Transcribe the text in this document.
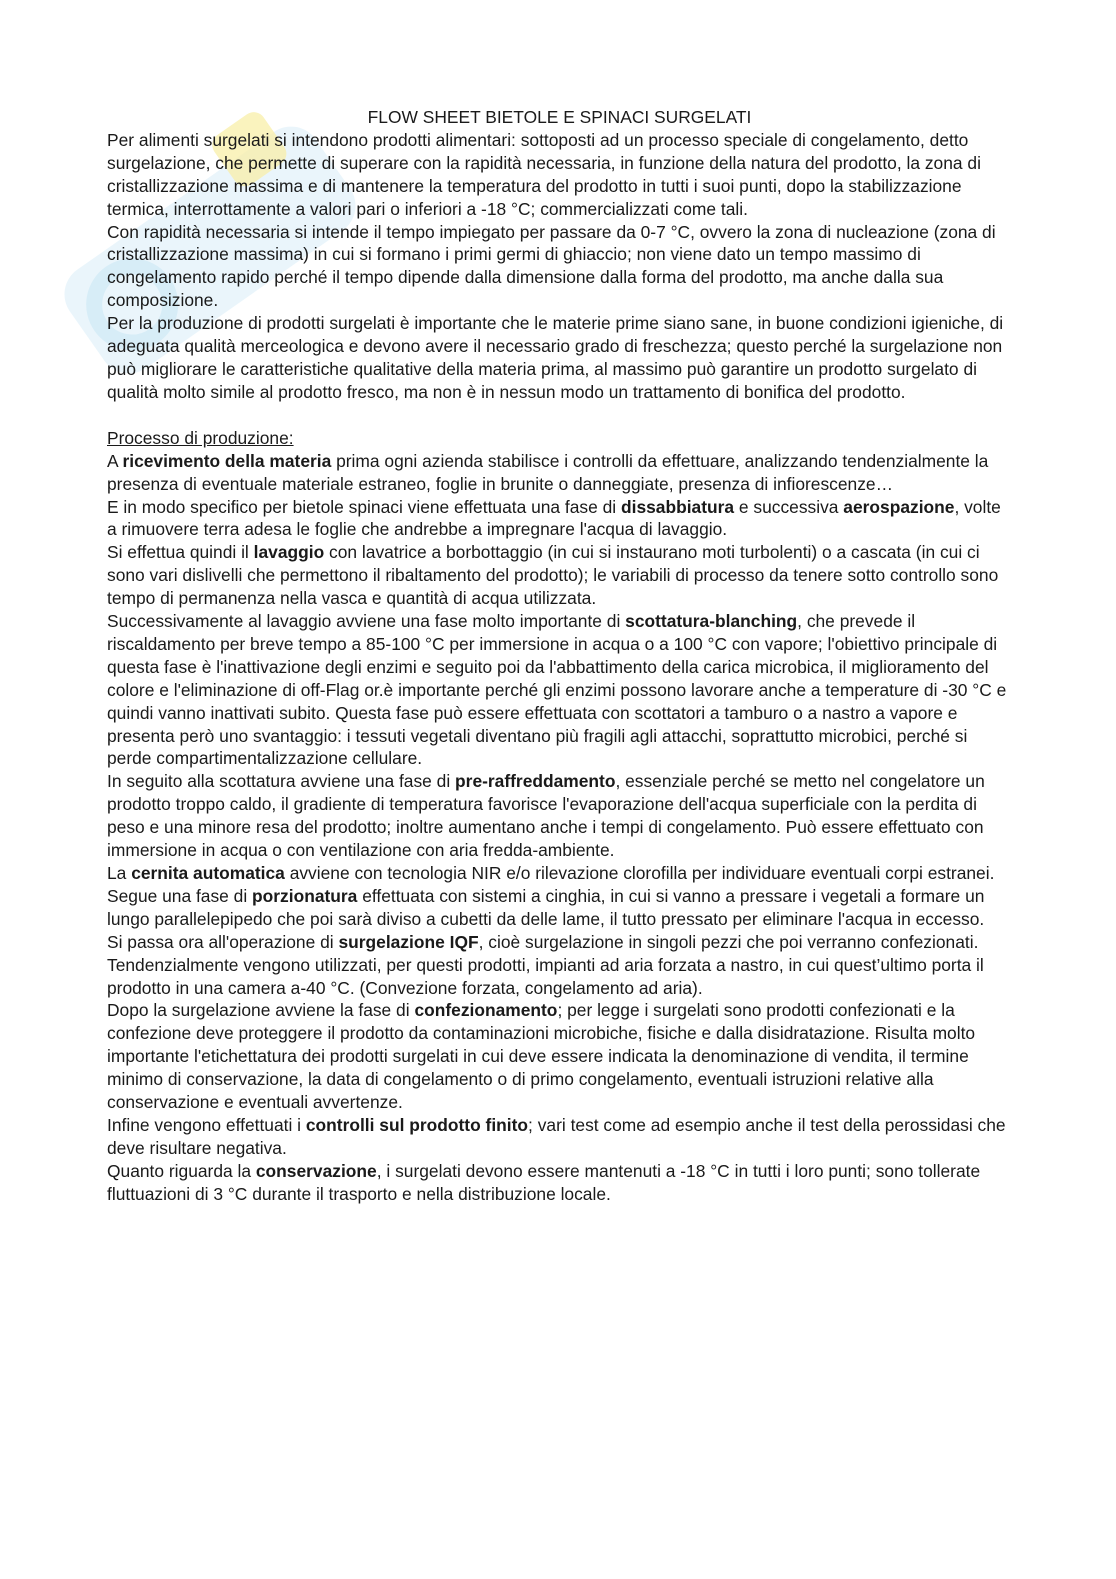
FLOW SHEET BIETOLE E SPINACI SURGELATI

Per alimenti surgelati si intendono prodotti alimentari: sottoposti ad un processo speciale di congelamento, detto surgelazione, che permette di superare con la rapidità necessaria, in funzione della natura del prodotto, la zona di cristallizzazione massima e di mantenere la temperatura del prodotto in tutti i suoi punti, dopo la stabilizzazione termica, interrottamente a valori pari o inferiori a -18 °C; commercializzati come tali.

Con rapidità necessaria si intende il tempo impiegato per passare da 0-7 °C, ovvero la zona di nucleazione (zona di cristallizzazione massima) in cui si formano i primi germi di ghiaccio; non viene dato un tempo massimo di congelamento rapido perché il tempo dipende dalla dimensione dalla forma del prodotto, ma anche dalla sua composizione.

Per la produzione di prodotti surgelati è importante che le materie prime siano sane, in buone condizioni igieniche, di adeguata qualità merceologica e devono avere il necessario grado di freschezza; questo perché la surgelazione non può migliorare le caratteristiche qualitative della materia prima, al massimo può garantire un prodotto surgelato di qualità molto simile al prodotto fresco, ma non è in nessun modo un trattamento di bonifica del prodotto.

Processo di produzione:

A ricevimento della materia prima ogni azienda stabilisce i controlli da effettuare, analizzando tendenzialmente la presenza di eventuale materiale estraneo, foglie in brunite o danneggiate, presenza di infiorescenze…

E in modo specifico per bietole spinaci viene effettuata una fase di dissabbiatura e successiva aerospazione, volte a rimuovere terra adesa le foglie che andrebbe a impregnare l'acqua di lavaggio.

Si effettua quindi il lavaggio con lavatrice a borbottaggio (in cui si instaurano moti turbolenti) o a cascata (in cui ci sono vari dislivelli che permettono il ribaltamento del prodotto); le variabili di processo da tenere sotto controllo sono tempo di permanenza nella vasca e quantità di acqua utilizzata.

Successivamente al lavaggio avviene una fase molto importante di scottatura-blanching, che prevede il riscaldamento per breve tempo a 85-100 °C per immersione in acqua o a 100 °C con vapore; l'obiettivo principale di questa fase è l'inattivazione degli enzimi e seguito poi da l'abbattimento della carica microbica, il miglioramento del colore e l'eliminazione di off-Flag or.è importante perché gli enzimi possono lavorare anche a temperature di -30 °C e quindi vanno inattivati subito. Questa fase può essere effettuata con scottatori a tamburo o a nastro a vapore e presenta però uno svantaggio: i tessuti vegetali diventano più fragili agli attacchi, soprattutto microbici, perché si perde compartimentalizzazione cellulare.

In seguito alla scottatura avviene una fase di pre-raffreddamento, essenziale perché se metto nel congelatore un prodotto troppo caldo, il gradiente di temperatura favorisce l'evaporazione dell'acqua superficiale con la perdita di peso e una minore resa del prodotto; inoltre aumentano anche i tempi di congelamento. Può essere effettuato con immersione in acqua o con ventilazione con aria fredda-ambiente.

La cernita automatica avviene con tecnologia NIR e/o rilevazione clorofilla per individuare eventuali corpi estranei.

Segue una fase di porzionatura effettuata con sistemi a cinghia, in cui si vanno a pressare i vegetali a formare un lungo parallelepipedo che poi sarà diviso a cubetti da delle lame, il tutto pressato per eliminare l'acqua in eccesso.

Si passa ora all'operazione di surgelazione IQF, cioè surgelazione in singoli pezzi che poi verranno confezionati. Tendenzialmente vengono utilizzati, per questi prodotti, impianti ad aria forzata a nastro, in cui quest’ultimo porta il prodotto in una camera a-40 °C. (Convezione forzata, congelamento ad aria).

Dopo la surgelazione avviene la fase di confezionamento; per legge i surgelati sono prodotti confezionati e la confezione deve proteggere il prodotto da contaminazioni microbiche, fisiche e dalla disidratazione. Risulta molto importante l'etichettatura dei prodotti surgelati in cui deve essere indicata la denominazione di vendita, il termine minimo di conservazione, la data di congelamento o di primo congelamento, eventuali istruzioni relative alla conservazione e eventuali avvertenze.

Infine vengono effettuati i controlli sul prodotto finito; vari test come ad esempio anche il test della perossidasi che deve risultare negativa.

Quanto riguarda la conservazione, i surgelati devono essere mantenuti a -18 °C in tutti i loro punti; sono tollerate fluttuazioni di 3 °C durante il trasporto e nella distribuzione locale.
